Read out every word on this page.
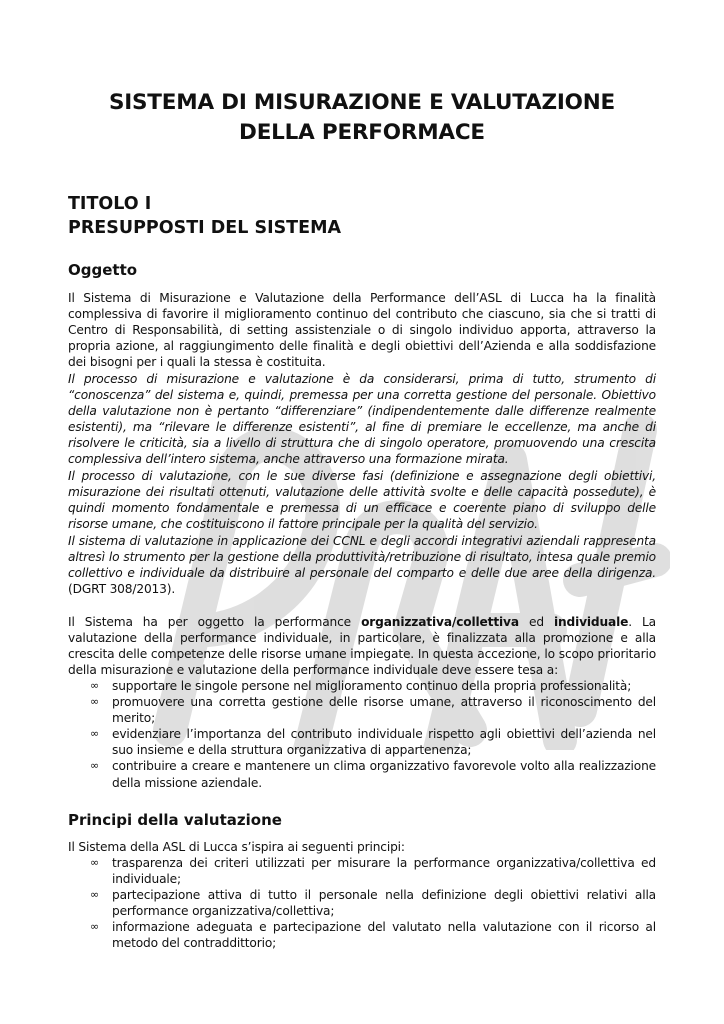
SISTEMA DI MISURAZIONE E VALUTAZIONE
DELLA PERFORMACE
TITOLO I
PRESUPPOSTI DEL SISTEMA
Oggetto

Il Sistema di Misurazione e Valutazione della Performance dell’ASL di Lucca ha la finalità complessiva di favorire il miglioramento continuo del contributo che ciascuno, sia che si tratti di Centro di Responsabilità, di setting assistenziale o di singolo individuo apporta, attraverso la propria azione, al raggiungimento delle finalità e degli obiettivi dell’Azienda e alla soddisfazione dei bisogni per i quali la stessa è costituita.

Il processo di misurazione e valutazione è da considerarsi, prima di tutto, strumento di “conoscenza” del sistema e, quindi, premessa per una corretta gestione del personale. Obiettivo della valutazione non è pertanto “differenziare” (indipendentemente dalle differenze realmente esistenti), ma “rilevare le differenze esistenti”, al fine di premiare le eccellenze, ma anche di risolvere le criticità, sia a livello di struttura che di singolo operatore, promuovendo una crescita complessiva dell’intero sistema, anche attraverso una formazione mirata.

Il processo di valutazione, con le sue diverse fasi (definizione e assegnazione degli obiettivi, misurazione dei risultati ottenuti, valutazione delle attività svolte e delle capacità possedute), è quindi momento fondamentale e premessa di un efficace e coerente piano di sviluppo delle risorse umane, che costituiscono il fattore principale per la qualità del servizio.

Il sistema di valutazione in applicazione dei CCNL e degli accordi integrativi aziendali rappresenta altresì lo strumento per la gestione della produttività/retribuzione di risultato, intesa quale premio collettivo e individuale da distribuire al personale del comparto e delle due aree della dirigenza. (DGRT 308/2013).

Il Sistema ha per oggetto la performance organizzativa/collettiva ed individuale. La valutazione della performance individuale, in particolare, è finalizzata alla promozione e alla crescita delle competenze delle risorse umane impiegate. In questa accezione, lo scopo prioritario della misurazione e valutazione della performance individuale deve essere tesa a:

∞ supportare le singole persone nel miglioramento continuo della propria professionalità;
∞ promuovere una corretta gestione delle risorse umane, attraverso il riconoscimento del merito;
∞ evidenziare l’importanza del contributo individuale rispetto agli obiettivi dell’azienda nel suo insieme e della struttura organizzativa di appartenenza;
∞ contribuire a creare e mantenere un clima organizzativo favorevole volto alla realizzazione della missione aziendale.
Principi della valutazione

Il Sistema della ASL di Lucca s’ispira ai seguenti principi:

∞ trasparenza dei criteri utilizzati per misurare la performance organizzativa/collettiva ed individuale;
∞ partecipazione attiva di tutto il personale nella definizione degli obiettivi relativi alla performance organizzativa/collettiva;
∞ informazione adeguata e partecipazione del valutato nella valutazione con il ricorso al metodo del contraddittorio;
